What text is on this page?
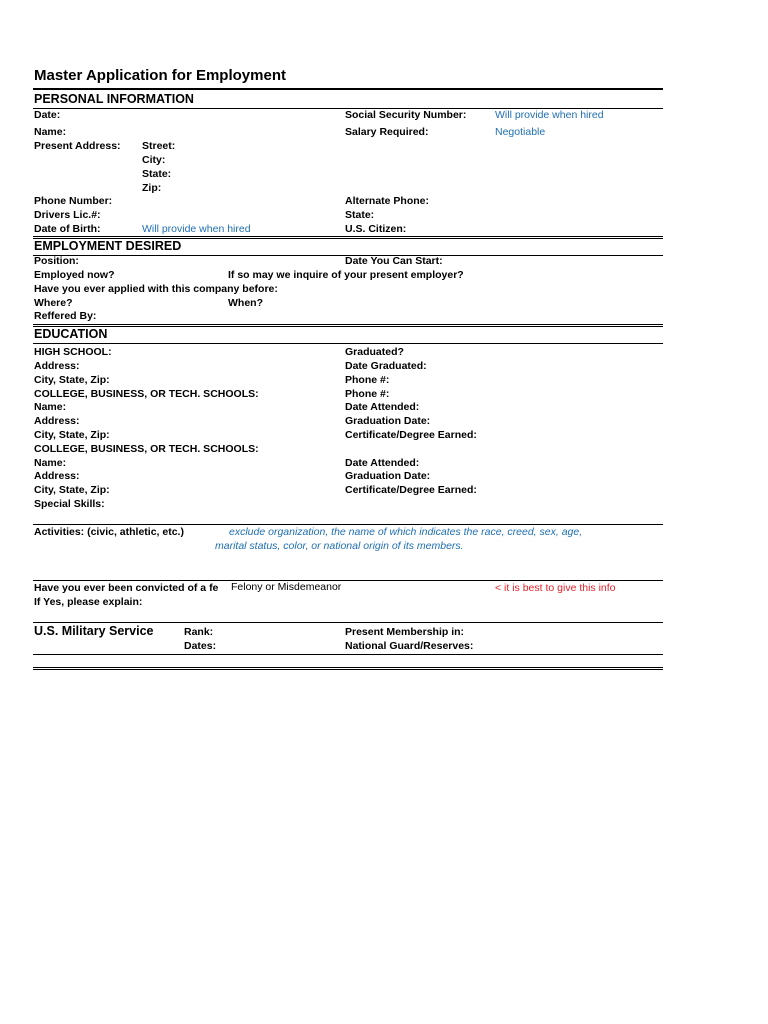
Master Application for Employment
PERSONAL INFORMATION
Date:	Social Security Number:	Will provide when hired
Name:	Salary Required:	Negotiable
Present Address: Street:
City:
State:
Zip:
Phone Number:	Alternate Phone:
Drivers Lic.#:	State:
Date of Birth:	Will provide when hired	U.S. Citizen:
EMPLOYMENT DESIRED
Position:	Date You Can Start:
Employed now?	If so may we inquire of your present employer?
Have you ever applied with this company before:
Where?	When?
Reffered By:
EDUCATION
HIGH SCHOOL:	Graduated?
Address:	Date Graduated:
City, State, Zip:	Phone #:
COLLEGE, BUSINESS, OR TECH. SCHOOLS:	Phone #:
Name:	Date Attended:
Address:	Graduation Date:
City, State, Zip:	Certificate/Degree Earned:
COLLEGE, BUSINESS, OR TECH. SCHOOLS:
Name:	Date Attended:
Address:	Graduation Date:
City, State, Zip:	Certificate/Degree Earned:
Special Skills:
Activities: (civic, athletic, etc.)	exclude organization, the name of which indicates the race, creed, sex, age,
marital status, color, or national origin of its members.
Have you ever been convicted of a fe	Felony or Misdemeanor	< it is best to give this info
If Yes, please explain:
U.S. Military Service	Rank:	Present Membership in:
Dates:	National Guard/Reserves:
